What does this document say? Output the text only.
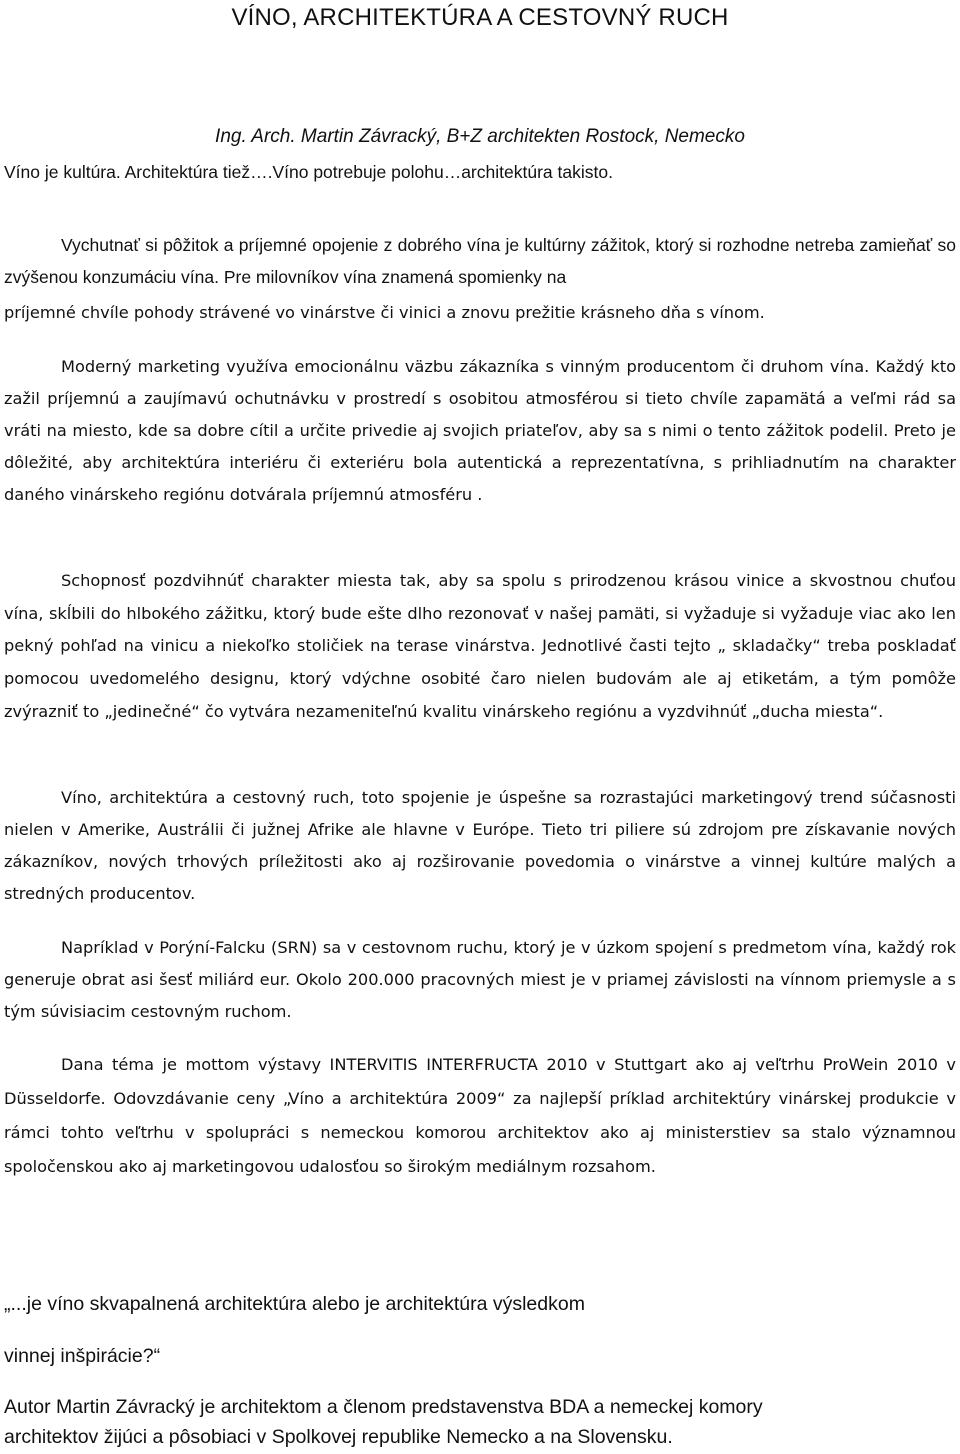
VÍNO, ARCHITEKTÚRA A CESTOVNÝ RUCH

Ing. Arch. Martin Závracký, B+Z architekten Rostock, Nemecko

Víno je kultúra. Architektúra tiež….Víno potrebuje polohu…architektúra takisto.

Vychutnať si pôžitok a príjemné opojenie z dobrého vína je kultúrny zážitok, ktorý si rozhodne netreba zamieňať so zvýšenou konzumáciu vína. Pre milovníkov vína znamená spomienky na

príjemné chvíle pohody strávené vo vinárstve či vinici a znovu prežitie krásneho dňa s vínom.

Moderný marketing využíva emocionálnu väzbu zákazníka s vinným producentom či druhom vína. Každý kto zažil príjemnú a zaujímavú ochutnávku v prostredí s osobitou atmosférou si tieto chvíle zapamätá a veľmi rád sa vráti na miesto, kde sa dobre cítil a určite privedie aj svojich priateľov, aby sa s nimi o tento zážitok podelil. Preto je dôležité, aby architektúra interiéru či exteriéru bola autentická a reprezentatívna, s prihliadnutím na charakter daného vinárskeho regiónu dotvárala príjemnú atmosféru .

Schopnosť pozdvihnúť charakter miesta tak, aby sa spolu s prirodzenou krásou vinice a skvostnou chuťou vína, skĺbili do hlbokého zážitku, ktorý bude ešte dlho rezonovať v našej pamäti, si vyžaduje si vyžaduje viac ako len pekný pohľad na vinicu a niekoľko stoličiek na terase vinárstva. Jednotlivé časti tejto „ skladačky“ treba poskladať pomocou uvedomelého designu, ktorý vdýchne osobité čaro nielen budovám ale aj etiketám, a tým pomôže zvýrazniť to „jedinečné“ čo vytvára nezameniteľnú kvalitu vinárskeho regiónu a vyzdvihnúť „ducha miesta“.

Víno, architektúra a cestovný ruch, toto spojenie je úspešne sa rozrastajúci marketingový trend súčasnosti nielen v Amerike, Austrálii či južnej Afrike ale hlavne v Európe. Tieto tri piliere sú zdrojom pre získavanie nových zákazníkov, nových trhových príležitosti ako aj rozširovanie povedomia o vinárstve a vinnej kultúre malých a stredných producentov.

Napríklad v Porýní-Falcku (SRN) sa v cestovnom ruchu, ktorý je v úzkom spojení s predmetom vína, každý rok generuje obrat asi šesť miliárd eur. Okolo 200.000 pracovných miest je v priamej závislosti na vínnom priemysle a s tým súvisiacim cestovným ruchom.

Dana téma je mottom výstavy INTERVITIS INTERFRUCTA 2010 v Stuttgart ako aj veľtrhu ProWein 2010 v Düsseldorfe. Odovzdávanie ceny „Víno a architektúra 2009“ za najlepší príklad architektúry vinárskej produkcie v rámci tohto veľtrhu v spolupráci s nemeckou komorou architektov ako aj ministerstiev sa stalo významnou spoločenskou ako aj marketingovou udalosťou so širokým mediálnym rozsahom.

„...je víno skvapalnená architektúra alebo je architektúra výsledkom

vinnej inšpirácie?“

Autor Martin Závracký je architektom a členom predstavenstva BDA a nemeckej komory

architektov žijúci a pôsobiaci v Spolkovej republike Nemecko a na Slovensku.
